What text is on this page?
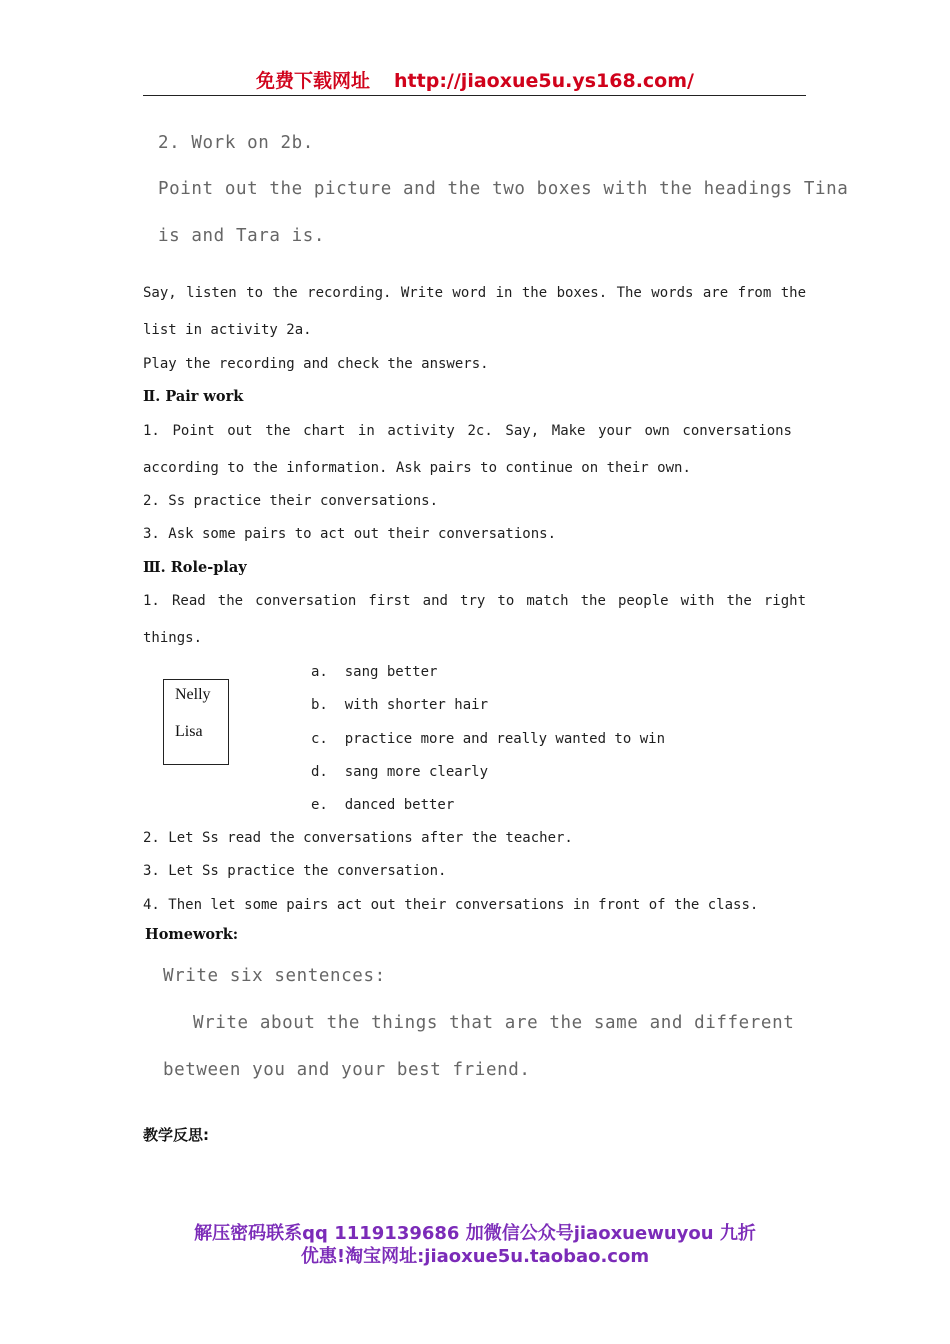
免费下载网址 http://jiaoxue5u.ys168.com/
2. Work on 2b.
Point out the picture and the two boxes with the headings Tina
is and Tara is.
Say, listen to the recording. Write word in the boxes. The words are from the
list in activity 2a.
Play the recording and check the answers.
Ⅱ. Pair work
1. Point out the chart in activity 2c. Say, Make your own conversations
according to the information. Ask pairs to continue on their own.
2. Ss practice their conversations.
3. Ask some pairs to act out their conversations.
Ⅲ. Role-play
1. Read the conversation first and try to match the people with the right
things.
Nelly
Lisa
a.  sang better
b.  with shorter hair
c.  practice more and really wanted to win
d.  sang more clearly
e.  danced better
2. Let Ss read the conversations after the teacher.
3. Let Ss practice the conversation.
4. Then let some pairs act out their conversations in front of the class.
Homework:
Write six sentences:
Write about the things that are the same and different
between you and your best friend.
教学反思:
解压密码联系qq 1119139686 加微信公众号jiaoxuewuyou 九折
优惠!淘宝网址:jiaoxue5u.taobao.com
